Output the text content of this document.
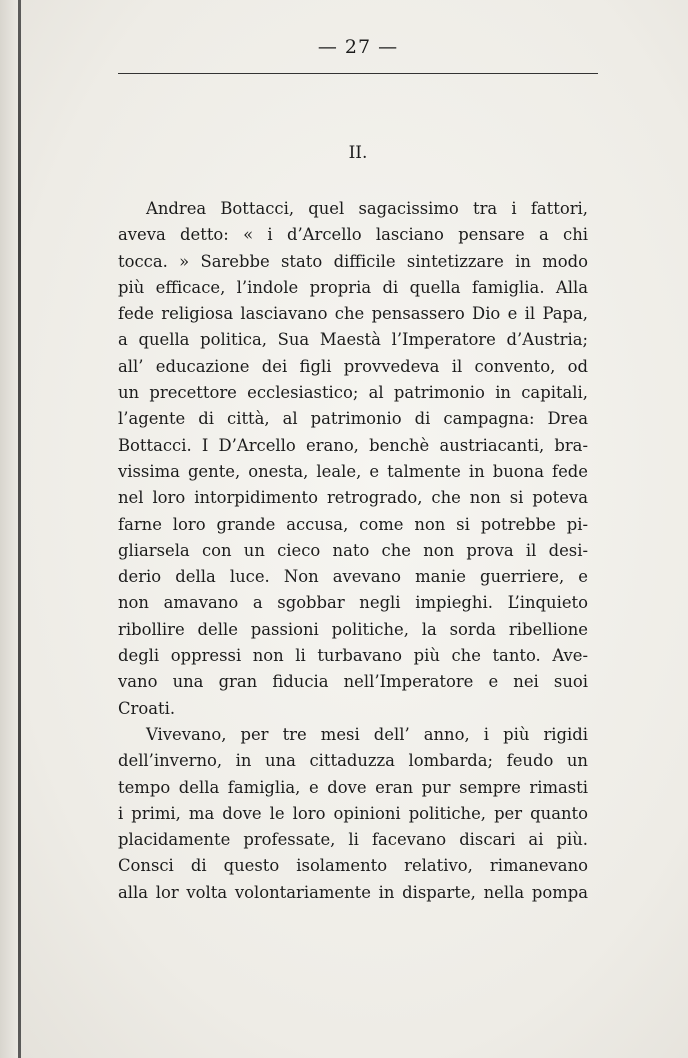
— 27 —
II.
Andrea Bottacci, quel sagacissimo tra i fattori,
aveva detto: « i d’Arcello lasciano pensare a chi
tocca. » Sarebbe stato difficile sintetizzare in modo
più efficace, l’indole propria di quella famiglia. Alla
fede religiosa lasciavano che pensassero Dio e il Papa,
a quella politica, Sua Maestà l’Imperatore d’Austria;
all’ educazione dei figli provvedeva il convento, od
un precettore ecclesiastico; al patrimonio in capitali,
l’agente di città, al patrimonio di campagna: Drea
Bottacci. I D’Arcello erano, benchè austriacanti, bra-
vissima gente, onesta, leale, e talmente in buona fede
nel loro intorpidimento retrogrado, che non si poteva
farne loro grande accusa, come non si potrebbe pi-
gliarsela con un cieco nato che non prova il desi-
derio della luce. Non avevano manie guerriere, e
non amavano a sgobbar negli impieghi. L’inquieto
ribollire delle passioni politiche, la sorda ribellione
degli oppressi non li turbavano più che tanto. Ave-
vano una gran fiducia nell’Imperatore e nei suoi
Croati.
Vivevano, per tre mesi dell’ anno, i più rigidi
dell’inverno, in una cittaduzza lombarda; feudo un
tempo della famiglia, e dove eran pur sempre rimasti
i primi, ma dove le loro opinioni politiche, per quanto
placidamente professate, li facevano discari ai più.
Consci di questo isolamento relativo, rimanevano
alla lor volta volontariamente in disparte, nella pompa
